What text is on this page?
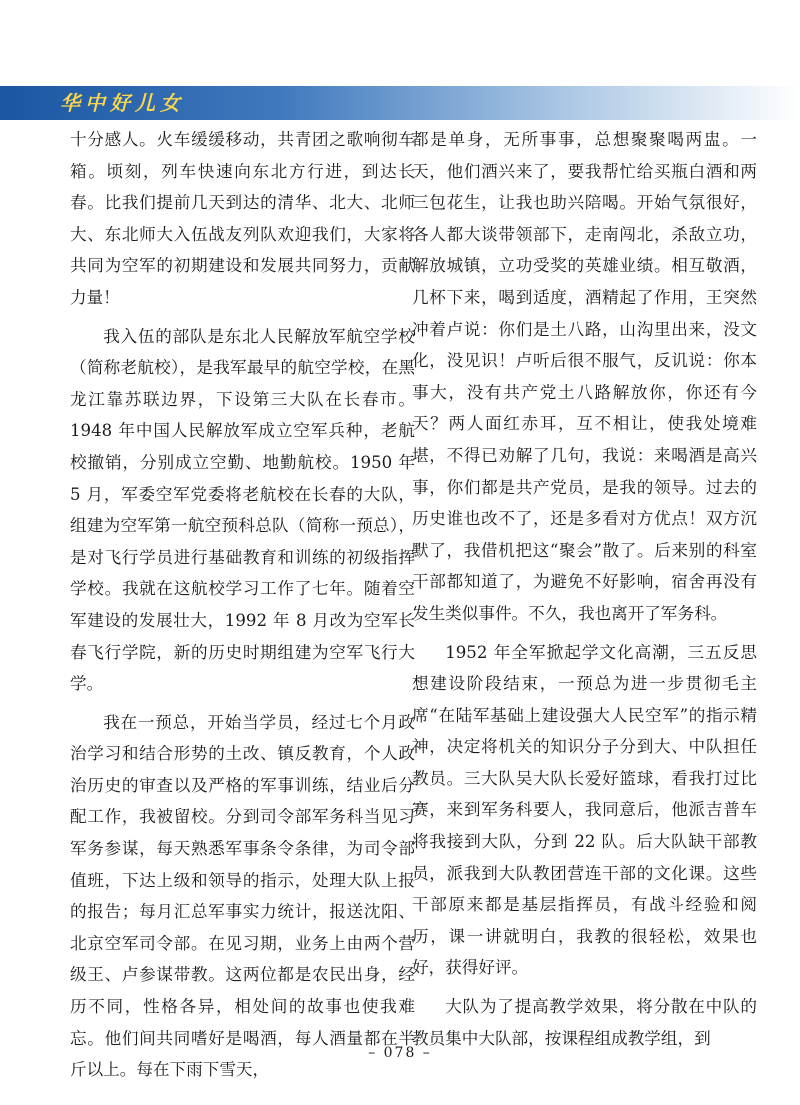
华中好儿女

十分感人。火车缓缓移动，共青团之歌响彻车箱。顷刻，列车快速向东北方行进，到达长春。比我们提前几天到达的清华、北大、北师大、东北师大入伍战友列队欢迎我们，大家将共同为空军的初期建设和发展共同努力，贡献力量！

我入伍的部队是东北人民解放军航空学校（简称老航校），是我军最早的航空学校，在黑龙江靠苏联边界，下设第三大队在长春市。1948 年中国人民解放军成立空军兵种，老航校撤销，分别成立空勤、地勤航校。1950 年 5 月，军委空军党委将老航校在长春的大队，组建为空军第一航空预科总队（简称一预总），是对飞行学员进行基础教育和训练的初级指挥学校。我就在这航校学习工作了七年。随着空军建设的发展壮大，1992 年 8 月改为空军长春飞行学院，新的历史时期组建为空军飞行大学。

我在一预总，开始当学员，经过七个月政治学习和结合形势的土改、镇反教育，个人政治历史的审查以及严格的军事训练，结业后分配工作，我被留校。分到司令部军务科当见习军务参谋，每天熟悉军事条令条律，为司令部值班，下达上级和领导的指示，处理大队上报的报告；每月汇总军事实力统计，报送沈阳、北京空军司令部。在见习期，业务上由两个营级王、卢参谋带教。这两位都是农民出身，经历不同，性格各异，相处间的故事也使我难忘。他们间共同嗜好是喝酒，每人酒量都在半斤以上。每在下雨下雪天，

都是单身，无所事事，总想聚聚喝两盅。一天，他们酒兴来了，要我帮忙给买瓶白酒和两三包花生，让我也助兴陪喝。开始气氛很好，各人都大谈带领部下，走南闯北，杀敌立功，解放城镇，立功受奖的英雄业绩。相互敬酒，几杯下来，喝到适度，酒精起了作用，王突然冲着卢说：你们是土八路，山沟里出来，没文化，没见识！卢听后很不服气，反讥说：你本事大，没有共产党土八路解放你，你还有今天？两人面红赤耳，互不相让，使我处境难堪，不得已劝解了几句，我说：来喝酒是高兴事，你们都是共产党员，是我的领导。过去的历史谁也改不了，还是多看对方优点！双方沉默了，我借机把这“聚会”散了。后来别的科室干部都知道了，为避免不好影响，宿舍再没有发生类似事件。不久，我也离开了军务科。

1952 年全军掀起学文化高潮，三五反思想建设阶段结束，一预总为进一步贯彻毛主席“在陆军基础上建设强大人民空军”的指示精神，决定将机关的知识分子分到大、中队担任教员。三大队吴大队长爱好篮球，看我打过比赛，来到军务科要人，我同意后，他派吉普车将我接到大队，分到 22 队。后大队缺干部教员，派我到大队教团营连干部的文化课。这些干部原来都是基层指挥员，有战斗经验和阅历，课一讲就明白，我教的很轻松，效果也好，获得好评。

大队为了提高教学效果，将分散在中队的教员集中大队部，按课程组成教学组，到

– 078 –
